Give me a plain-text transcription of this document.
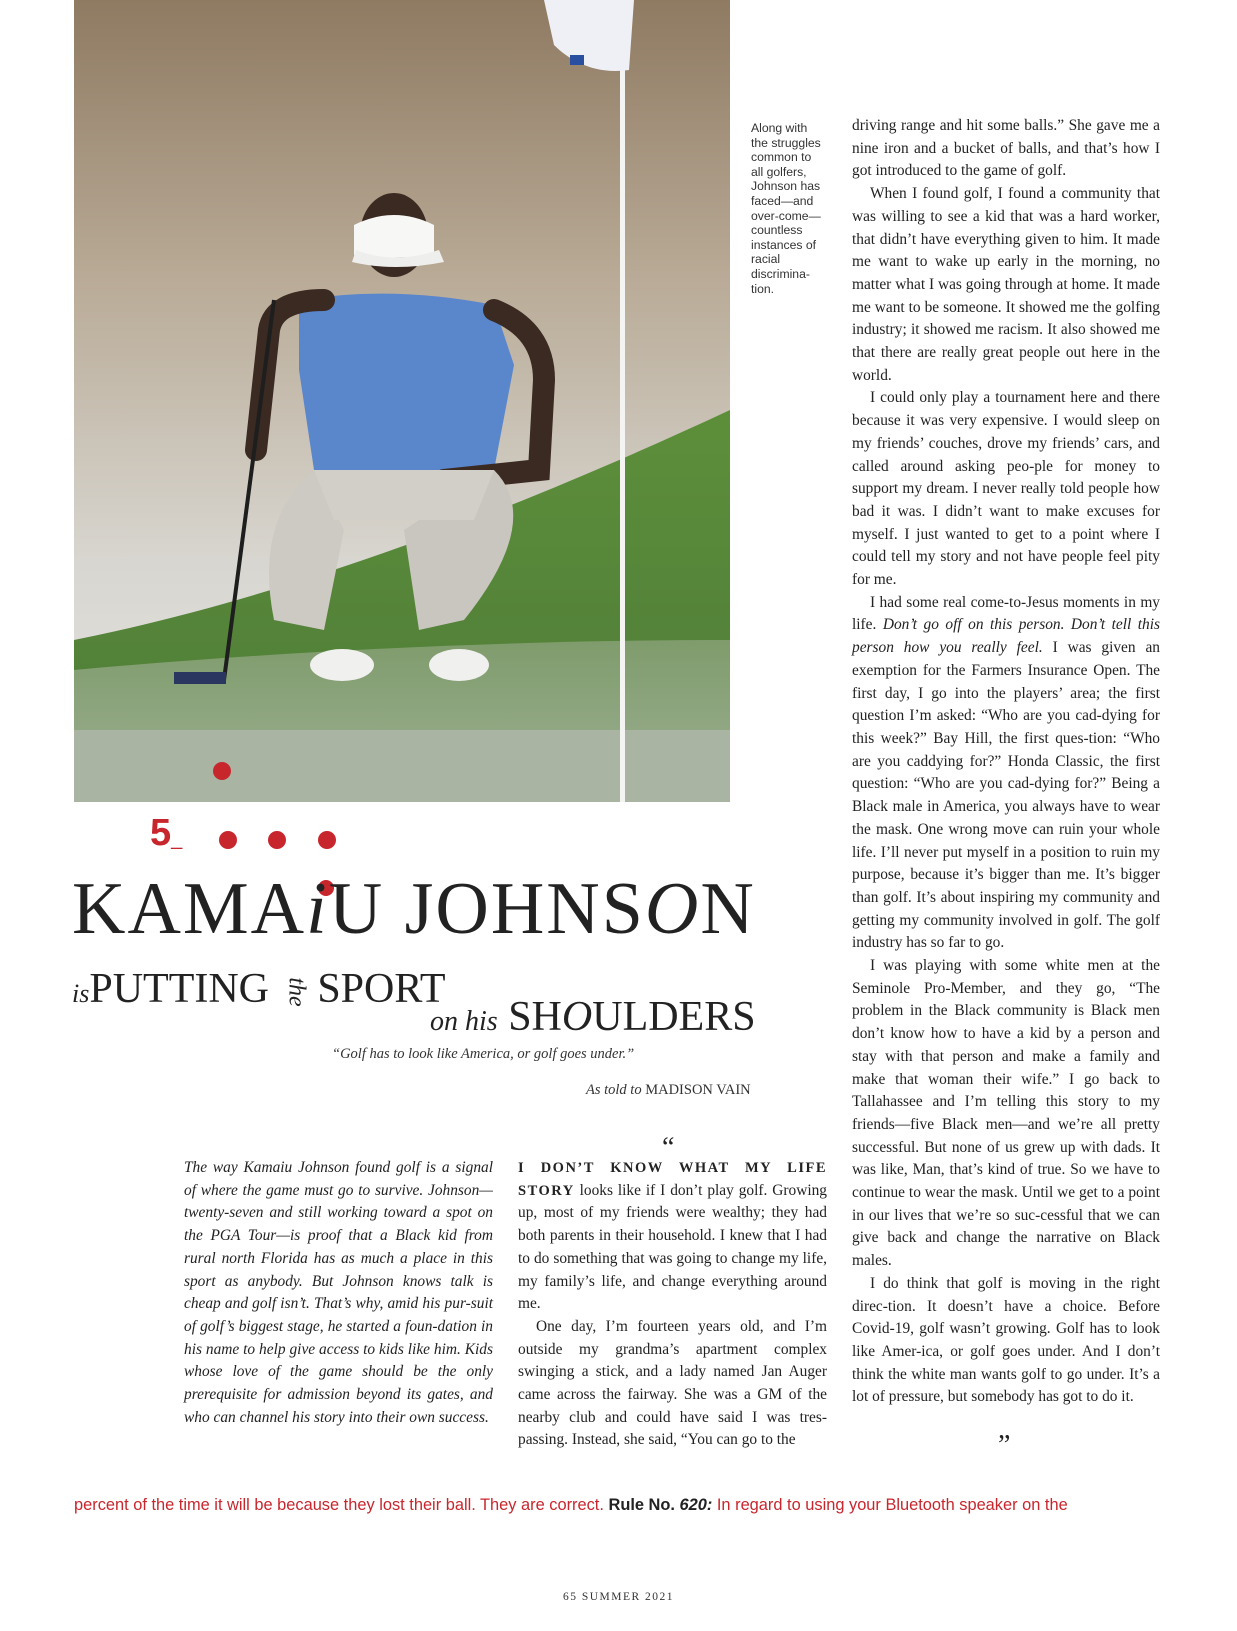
Along with the struggles common to all golfers, Johnson has faced—and over-come—countless instances of racial discrimina-tion.
5_
KAMAiU JOHNSON
isPUTTING the SPORT
on his SHOULDERS
“Golf has to look like America, or golf goes under.”
As told to MADISON VAIN

The way Kamaiu Johnson found golf is a signal of where the game must go to survive. Johnson—twenty-seven and still working toward a spot on the PGA Tour—is proof that a Black kid from rural north Florida has as much a place in this sport as anybody. But Johnson knows talk is cheap and golf isn’t. That’s why, amid his pur-suit of golf’s biggest stage, he started a foun-dation in his name to help give access to kids like him. Kids whose love of the game should be the only prerequisite for admission beyond its gates, and who can channel his story into their own success.

“

I DON’T KNOW WHAT MY LIFE STORY looks like if I don’t play golf. Growing up, most of my friends were wealthy; they had both parents in their household. I knew that I had to do something that was going to change my life, my family’s life, and change everything around me.

One day, I’m fourteen years old, and I’m outside my grandma’s apartment complex swinging a stick, and a lady named Jan Auger came across the fairway. She was a GM of the nearby club and could have said I was tres-passing. Instead, she said, “You can go to the

driving range and hit some balls.” She gave me a nine iron and a bucket of balls, and that’s how I got introduced to the game of golf.

When I found golf, I found a community that was willing to see a kid that was a hard worker, that didn’t have everything given to him. It made me want to wake up early in the morning, no matter what I was going through at home. It made me want to be someone. It showed me the golfing industry; it showed me racism. It also showed me that there are really great people out here in the world.

I could only play a tournament here and there because it was very expensive. I would sleep on my friends’ couches, drove my friends’ cars, and called around asking peo-ple for money to support my dream. I never really told people how bad it was. I didn’t want to make excuses for myself. I just wanted to get to a point where I could tell my story and not have people feel pity for me.

I had some real come-to-Jesus moments in my life. Don’t go off on this person. Don’t tell this person how you really feel. I was given an exemption for the Farmers Insurance Open. The first day, I go into the players’ area; the first question I’m asked: “Who are you cad-dying for this week?” Bay Hill, the first ques-tion: “Who are you caddying for?” Honda Classic, the first question: “Who are you cad-dying for?” Being a Black male in America, you always have to wear the mask. One wrong move can ruin your whole life. I’ll never put myself in a position to ruin my purpose, because it’s bigger than me. It’s bigger than golf. It’s about inspiring my community and getting my community involved in golf. The golf industry has so far to go.

I was playing with some white men at the Seminole Pro-Member, and they go, “The problem in the Black community is Black men don’t know how to have a kid by a person and stay with that person and make a family and make that woman their wife.” I go back to Tallahassee and I’m telling this story to my friends—five Black men—and we’re all pretty successful. But none of us grew up with dads. It was like, Man, that’s kind of true. So we have to continue to wear the mask. Until we get to a point in our lives that we’re so suc-cessful that we can give back and change the narrative on Black males.

I do think that golf is moving in the right direc-tion. It doesn’t have a choice. Before Covid-19, golf wasn’t growing. Golf has to look like Amer-ica, or golf goes under. And I don’t think the white man wants golf to go under. It’s a lot of pressure, but somebody has got to do it.

”
percent of the time it will be because they lost their ball. They are correct. Rule No. 620: In regard to using your Bluetooth speaker on the
65 SUMMER 2021
